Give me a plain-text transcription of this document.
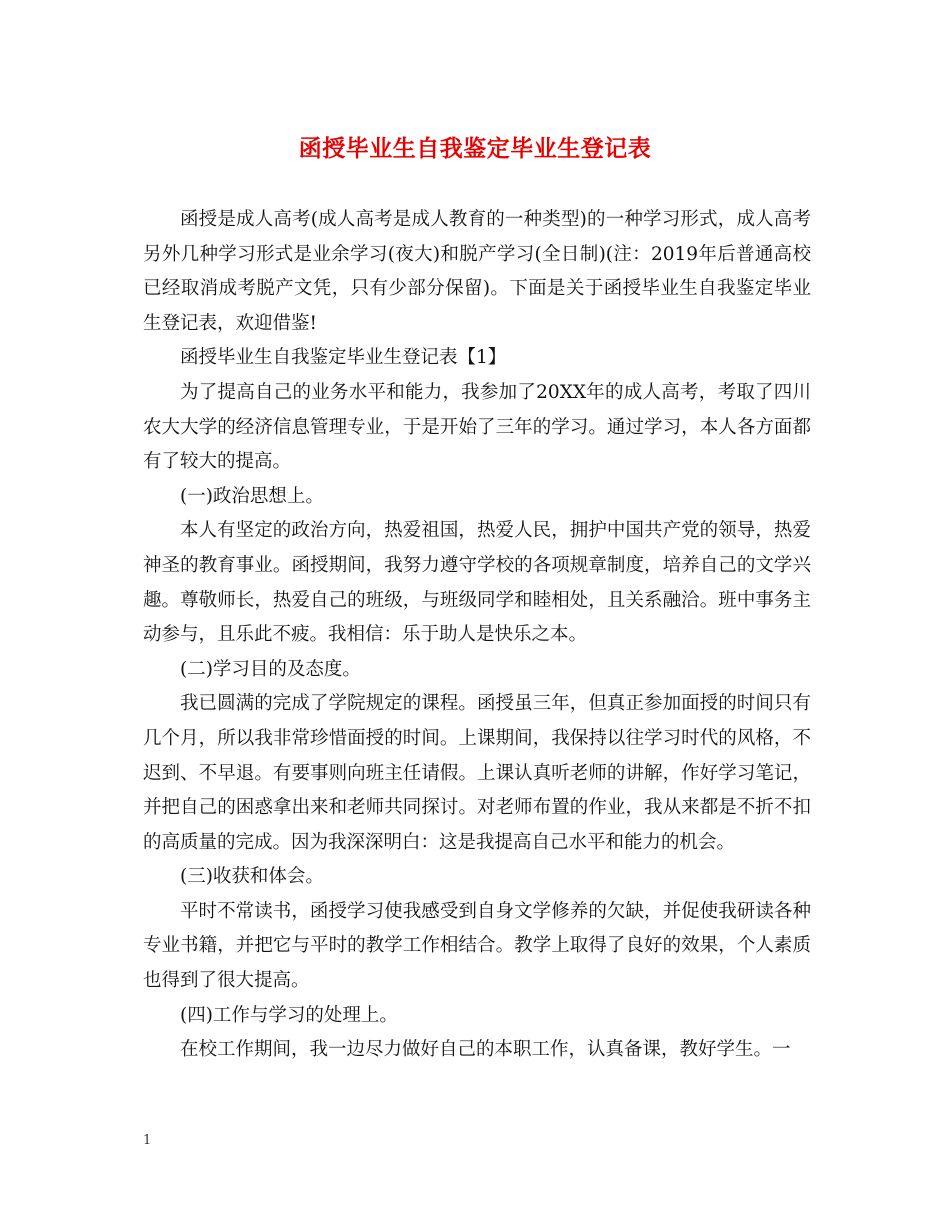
函授毕业生自我鉴定毕业生登记表

函授是成人高考(成人高考是成人教育的一种类型)的一种学习形式，成人高考另外几种学习形式是业余学习(夜大)和脱产学习(全日制)(注：2019年后普通高校已经取消成考脱产文凭，只有少部分保留)。下面是关于函授毕业生自我鉴定毕业生登记表，欢迎借鉴!

函授毕业生自我鉴定毕业生登记表【1】

为了提高自己的业务水平和能力，我参加了20XX年的成人高考，考取了四川农大大学的经济信息管理专业，于是开始了三年的学习。通过学习，本人各方面都有了较大的提高。

(一)政治思想上。

本人有坚定的政治方向，热爱祖国，热爱人民，拥护中国共产党的领导，热爱神圣的教育事业。函授期间，我努力遵守学校的各项规章制度，培养自己的文学兴趣。尊敬师长，热爱自己的班级，与班级同学和睦相处，且关系融洽。班中事务主动参与，且乐此不疲。我相信：乐于助人是快乐之本。

(二)学习目的及态度。

我已圆满的完成了学院规定的课程。函授虽三年，但真正参加面授的时间只有几个月，所以我非常珍惜面授的时间。上课期间，我保持以往学习时代的风格，不迟到、不早退。有要事则向班主任请假。上课认真听老师的讲解，作好学习笔记，并把自己的困惑拿出来和老师共同探讨。对老师布置的作业，我从来都是不折不扣的高质量的完成。因为我深深明白：这是我提高自己水平和能力的机会。

(三)收获和体会。

平时不常读书，函授学习使我感受到自身文学修养的欠缺，并促使我研读各种专业书籍，并把它与平时的教学工作相结合。教学上取得了良好的效果，个人素质也得到了很大提高。

(四)工作与学习的处理上。

在校工作期间，我一边尽力做好自己的本职工作，认真备课，教好学生。一

1
